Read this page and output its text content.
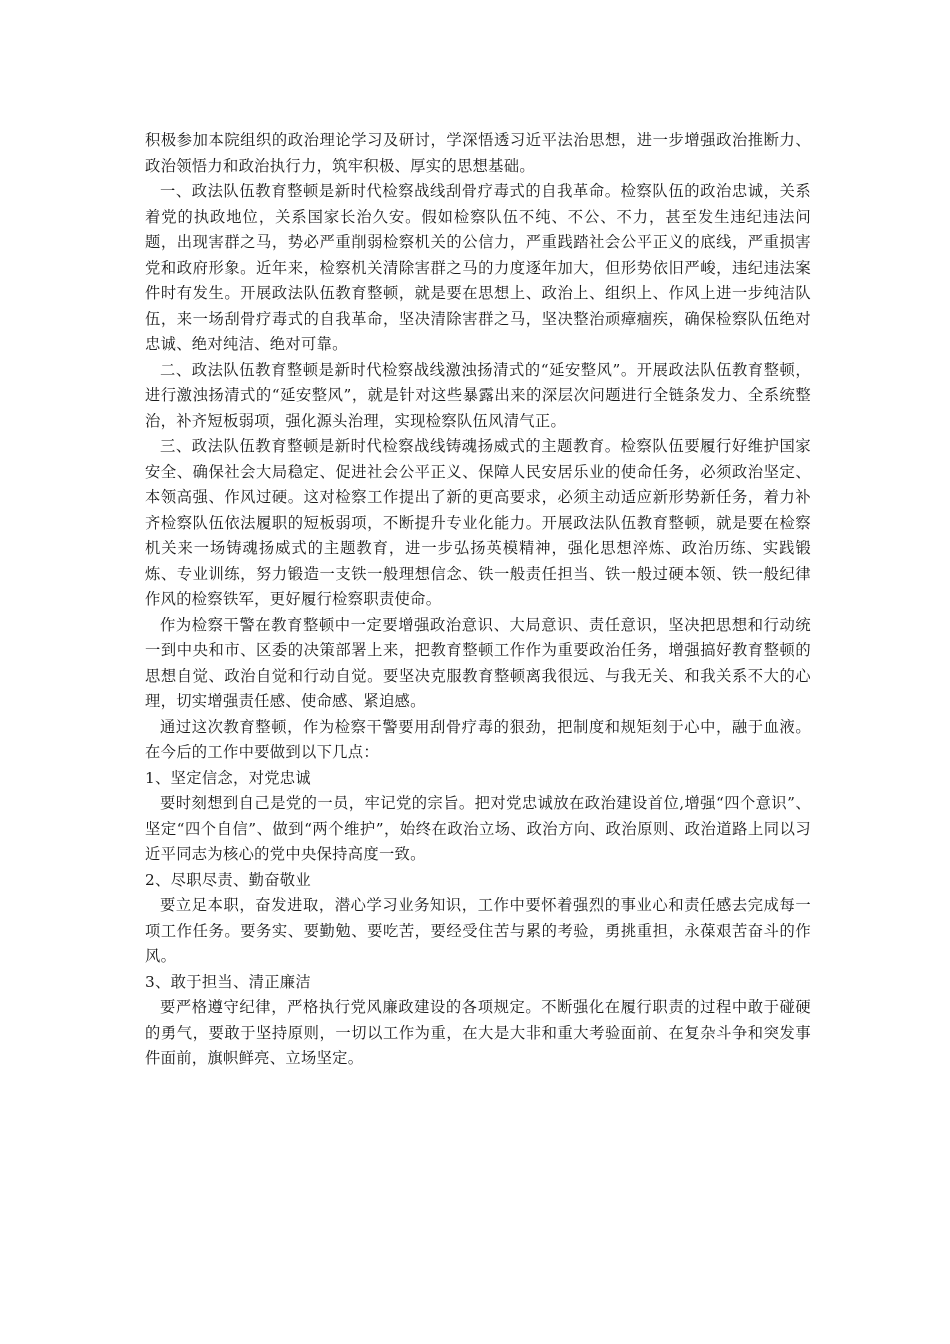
积极参加本院组织的政治理论学习及研讨，学深悟透习近平法治思想，进一步增强政治推断力、政治领悟力和政治执行力，筑牢积极、厚实的思想基础。

一、政法队伍教育整顿是新时代检察战线刮骨疗毒式的自我革命。检察队伍的政治忠诚，关系着党的执政地位，关系国家长治久安。假如检察队伍不纯、不公、不力，甚至发生违纪违法问题，出现害群之马，势必严重削弱检察机关的公信力，严重践踏社会公平正义的底线，严重损害党和政府形象。近年来，检察机关清除害群之马的力度逐年加大，但形势依旧严峻，违纪违法案件时有发生。开展政法队伍教育整顿，就是要在思想上、政治上、组织上、作风上进一步纯洁队伍，来一场刮骨疗毒式的自我革命，坚决清除害群之马，坚决整治顽瘴痼疾，确保检察队伍绝对忠诚、绝对纯洁、绝对可靠。

二、政法队伍教育整顿是新时代检察战线激浊扬清式的“延安整风”。开展政法队伍教育整顿，进行激浊扬清式的“延安整风”，就是针对这些暴露出来的深层次问题进行全链条发力、全系统整治，补齐短板弱项，强化源头治理，实现检察队伍风清气正。

三、政法队伍教育整顿是新时代检察战线铸魂扬威式的主题教育。检察队伍要履行好维护国家安全、确保社会大局稳定、促进社会公平正义、保障人民安居乐业的使命任务，必须政治坚定、本领高强、作风过硬。这对检察工作提出了新的更高要求，必须主动适应新形势新任务，着力补齐检察队伍依法履职的短板弱项，不断提升专业化能力。开展政法队伍教育整顿，就是要在检察机关来一场铸魂扬威式的主题教育，进一步弘扬英模精神，强化思想淬炼、政治历练、实践锻炼、专业训练，努力锻造一支铁一般理想信念、铁一般责任担当、铁一般过硬本领、铁一般纪律作风的检察铁军，更好履行检察职责使命。

作为检察干警在教育整顿中一定要增强政治意识、大局意识、责任意识，坚决把思想和行动统一到中央和市、区委的决策部署上来，把教育整顿工作作为重要政治任务，增强搞好教育整顿的思想自觉、政治自觉和行动自觉。要坚决克服教育整顿离我很远、与我无关、和我关系不大的心理，切实增强责任感、使命感、紧迫感。

通过这次教育整顿，作为检察干警要用刮骨疗毒的狠劲，把制度和规矩刻于心中，融于血液。在今后的工作中要做到以下几点：

1、坚定信念，对党忠诚

要时刻想到自己是党的一员，牢记党的宗旨。把对党忠诚放在政治建设首位,增强“四个意识”、坚定“四个自信”、做到“两个维护”，始终在政治立场、政治方向、政治原则、政治道路上同以习近平同志为核心的党中央保持高度一致。

2、尽职尽责、勤奋敬业

要立足本职，奋发进取，潜心学习业务知识，工作中要怀着强烈的事业心和责任感去完成每一项工作任务。要务实、要勤勉、要吃苦，要经受住苦与累的考验，勇挑重担，永葆艰苦奋斗的作风。

3、敢于担当、清正廉洁

要严格遵守纪律，严格执行党风廉政建设的各项规定。不断强化在履行职责的过程中敢于碰硬的勇气，要敢于坚持原则，一切以工作为重，在大是大非和重大考验面前、在复杂斗争和突发事件面前，旗帜鲜亮、立场坚定。
